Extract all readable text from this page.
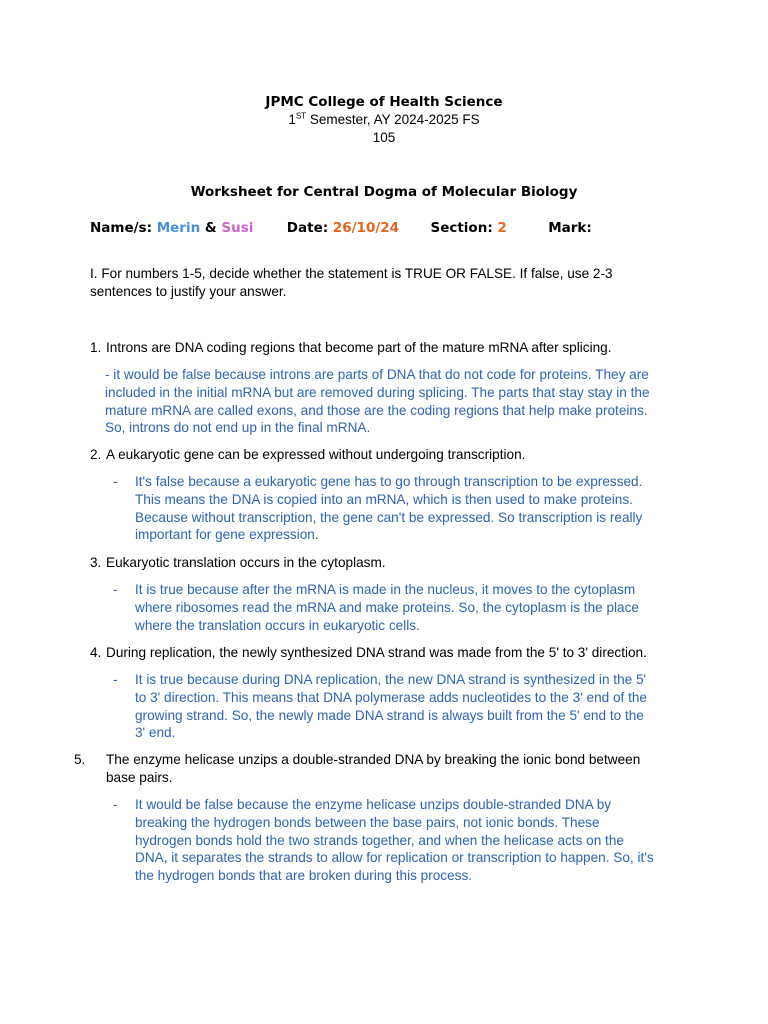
JPMC College of Health Science
1ST Semester, AY 2024-2025 FS
105
Worksheet for Central Dogma of Molecular Biology
Name/s: Merin & Susi Date: 26/10/24 Section: 2	Mark:
I. For numbers 1-5, decide whether the statement is TRUE OR FALSE. If false, use 2-3 sentences to justify your answer.
1. Introns are DNA coding regions that become part of the mature mRNA after splicing.
- it would be false because introns are parts of DNA that do not code for proteins. They are included in the initial mRNA but are removed during splicing. The parts that stay stay in the mature mRNA are called exons, and those are the coding regions that help make proteins. So, introns do not end up in the final mRNA.
2. A eukaryotic gene can be expressed without undergoing transcription.
- It's false because a eukaryotic gene has to go through transcription to be expressed. This means the DNA is copied into an mRNA, which is then used to make proteins. Because without transcription, the gene can't be expressed. So transcription is really important for gene expression.
3. Eukaryotic translation occurs in the cytoplasm.
- It is true because after the mRNA is made in the nucleus, it moves to the cytoplasm where ribosomes read the mRNA and make proteins. So, the cytoplasm is the place where the translation occurs in eukaryotic cells.
4. During replication, the newly synthesized DNA strand was made from the 5' to 3' direction.
- It is true because during DNA replication, the new DNA strand is synthesized in the 5' to 3' direction. This means that DNA polymerase adds nucleotides to the 3' end of the growing strand. So, the newly made DNA strand is always built from the 5' end to the 3' end.
5. The enzyme helicase unzips a double-stranded DNA by breaking the ionic bond between base pairs.
- It would be false because the enzyme helicase unzips double-stranded DNA by breaking the hydrogen bonds between the base pairs, not ionic bonds. These hydrogen bonds hold the two strands together, and when the helicase acts on the DNA, it separates the strands to allow for replication or transcription to happen. So, it's the hydrogen bonds that are broken during this process.
